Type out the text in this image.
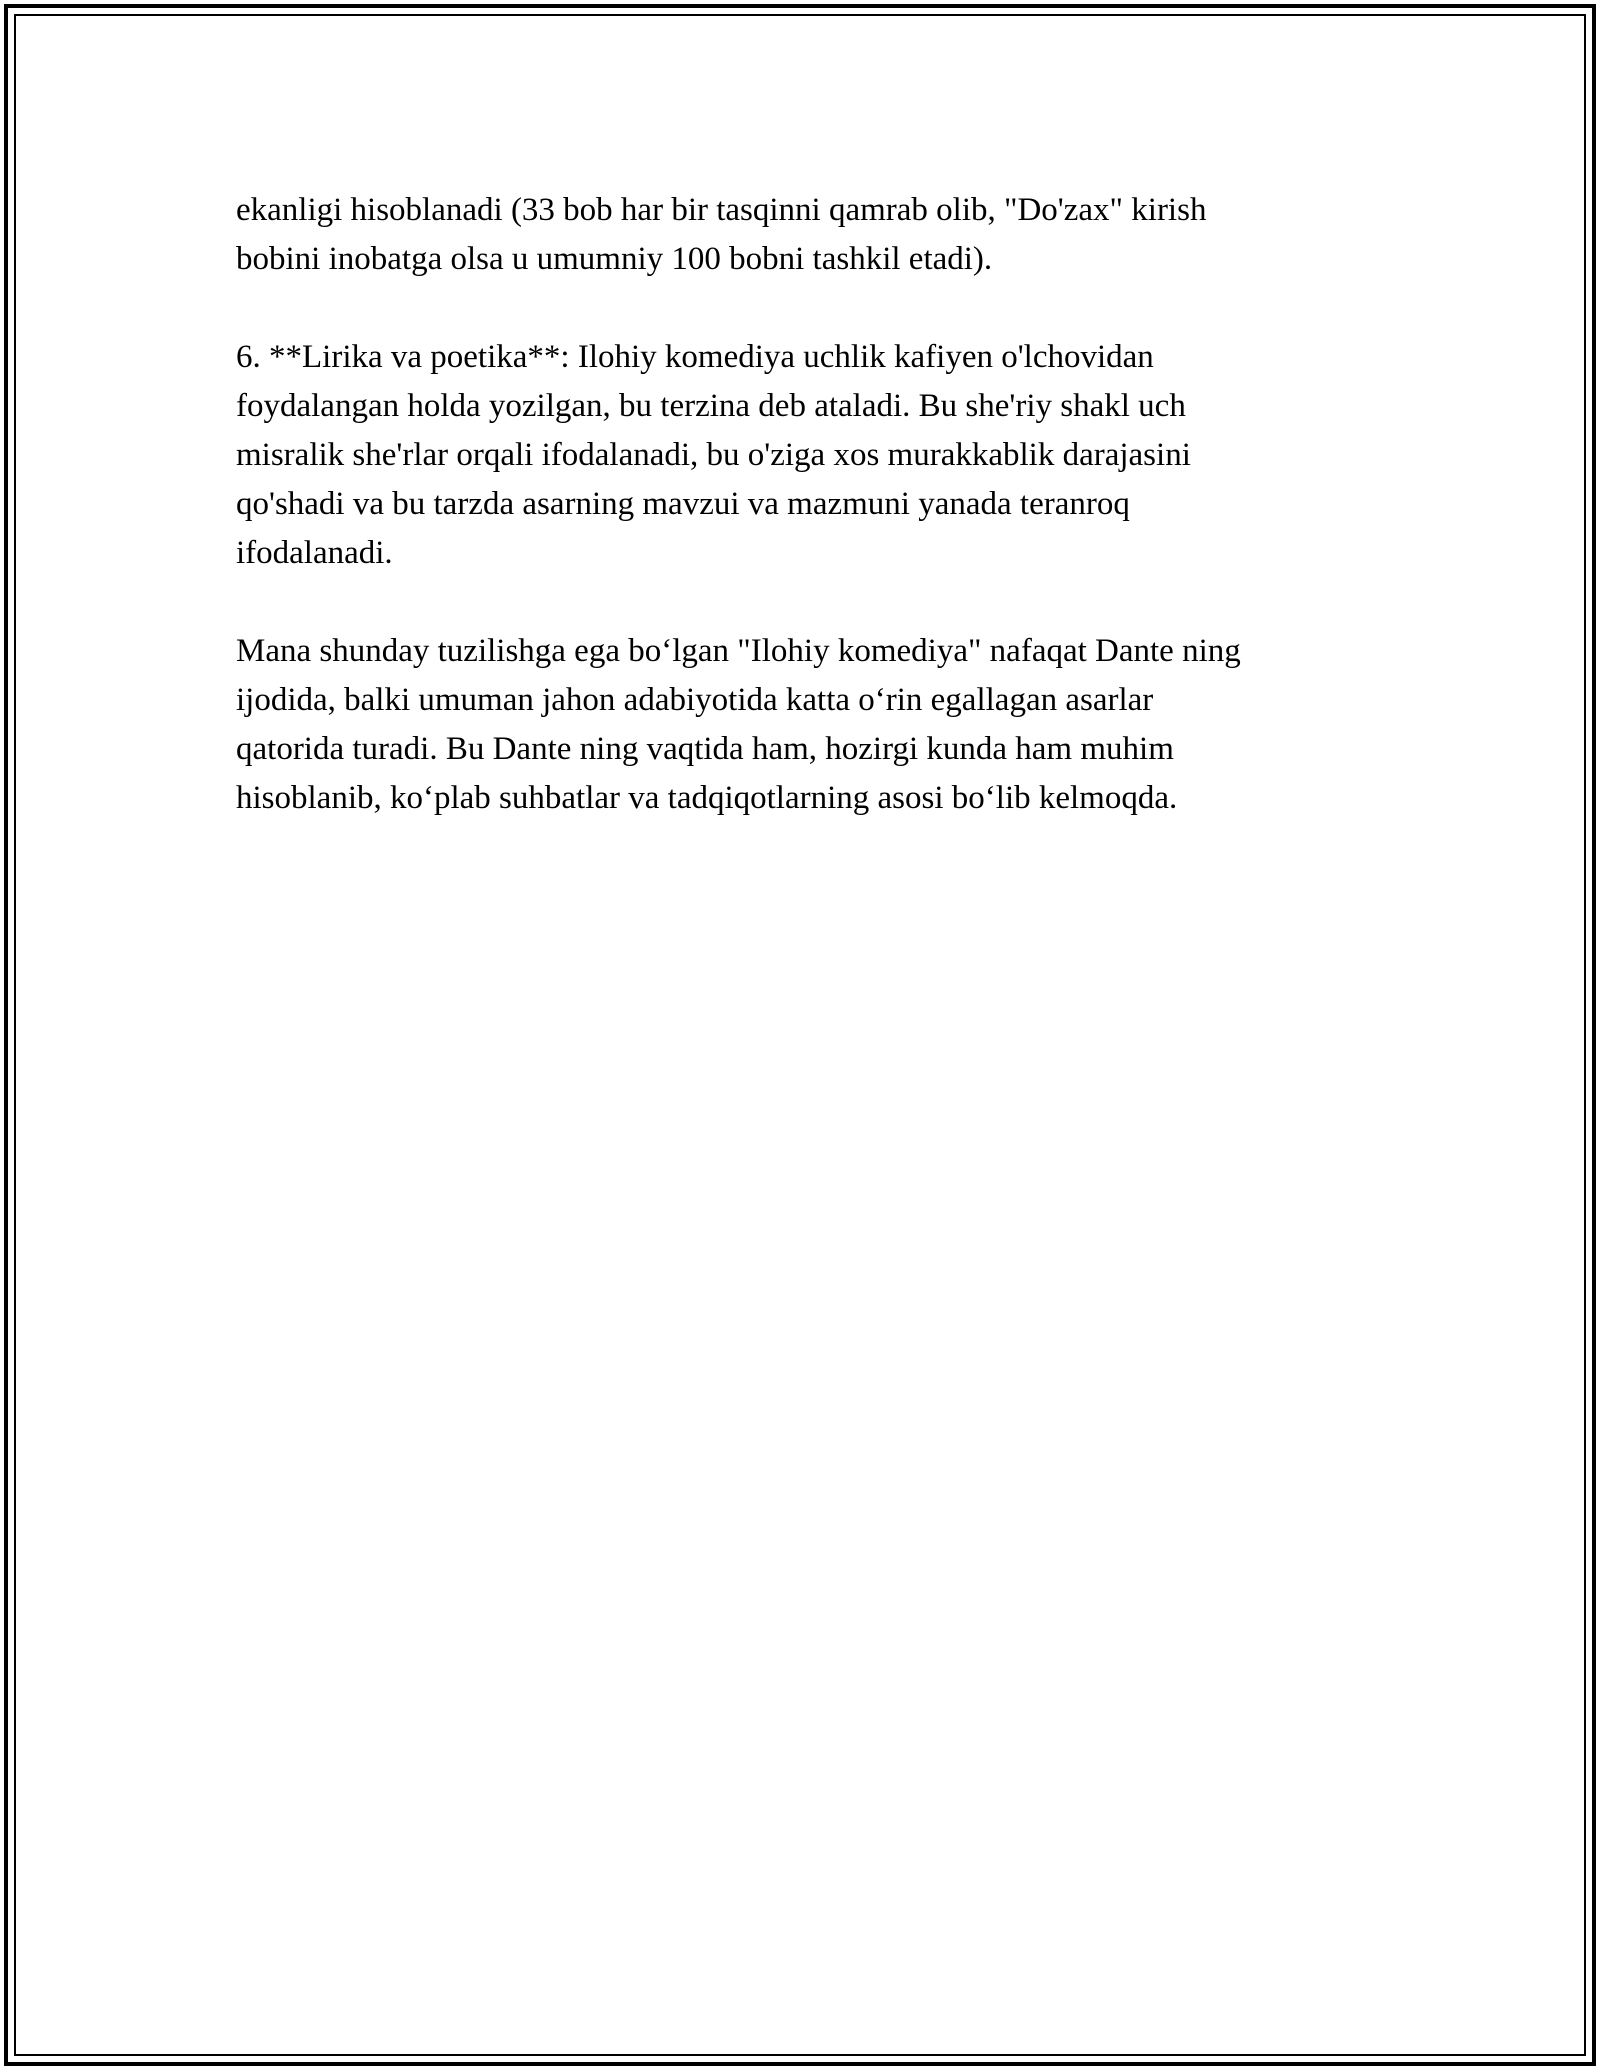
ekanligi hisoblanadi (33 bob har bir tasqinni qamrab olib, "Do'zax" kirish
bobini inobatga olsa u umumniy 100 bobni tashkil etadi).

6. **Lirika va poetika**: Ilohiy komediya uchlik kafiyen o'lchovidan
foydalangan holda yozilgan, bu terzina deb ataladi. Bu she'riy shakl uch
misralik she'rlar orqali ifodalanadi, bu o'ziga xos murakkablik darajasini
qo'shadi va bu tarzda asarning mavzui va mazmuni yanada teranroq
ifodalanadi.

Mana shunday tuzilishga ega boʻlgan "Ilohiy komediya" nafaqat Dante ning
ijodida, balki umuman jahon adabiyotida katta oʻrin egallagan asarlar
qatorida turadi. Bu Dante ning vaqtida ham, hozirgi kunda ham muhim
hisoblanib, koʻplab suhbatlar va tadqiqotlarning asosi boʻlib kelmoqda.
